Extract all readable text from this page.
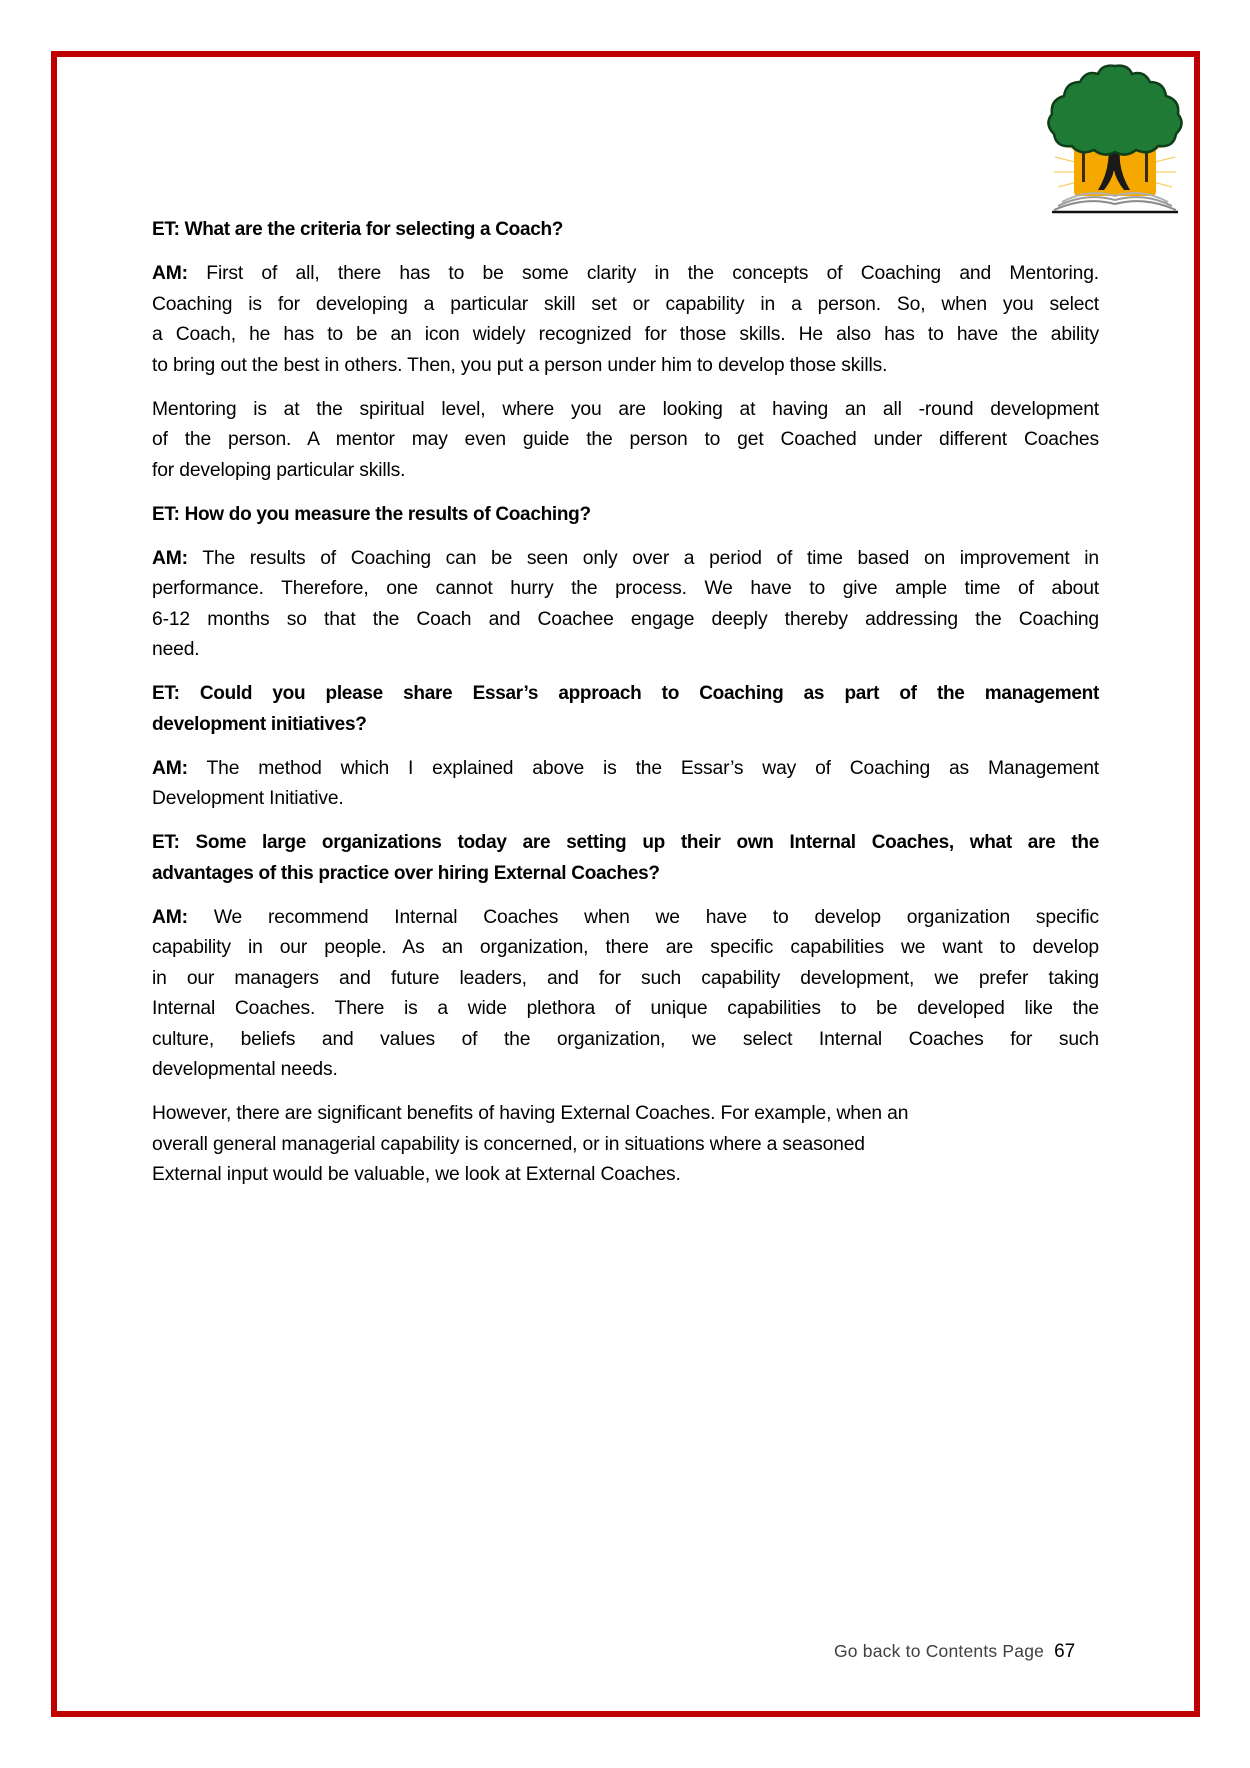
ET: What are the criteria for selecting a Coach?

AM: First of all, there has to be some clarity in the concepts of Coaching and Mentoring.
Coaching is for developing a particular skill set or capability in a person. So, when you select
a Coach, he has to be an icon widely recognized for those skills. He also has to have the ability
to bring out the best in others. Then, you put a person under him to develop those skills.

Mentoring is at the spiritual level, where you are looking at having an all -round development
of the person. A mentor may even guide the person to get Coached under different Coaches
for developing particular skills.

ET: How do you measure the results of Coaching?

AM: The results of Coaching can be seen only over a period of time based on improvement in
performance. Therefore, one cannot hurry the process. We have to give ample time of about
6-12 months so that the Coach and Coachee engage deeply thereby addressing the Coaching
need.

ET: Could you please share Essar’s approach to Coaching as part of the management
development initiatives?

AM: The method which I explained above is the Essar’s way of Coaching as Management
Development Initiative.

ET: Some large organizations today are setting up their own Internal Coaches, what are the
advantages of this practice over hiring External Coaches?

AM: We recommend Internal Coaches when we have to develop organization specific
capability in our people. As an organization, there are specific capabilities we want to develop
in our managers and future leaders, and for such capability development, we prefer taking
Internal Coaches. There is a wide plethora of unique capabilities to be developed like the
culture, beliefs and values of the organization, we select Internal Coaches for such
developmental needs.

However, there are significant benefits of having External Coaches. For example, when an
overall general managerial capability is concerned, or in situations where a seasoned
External input would be valuable, we look at External Coaches.

Go back to Contents Page 67
